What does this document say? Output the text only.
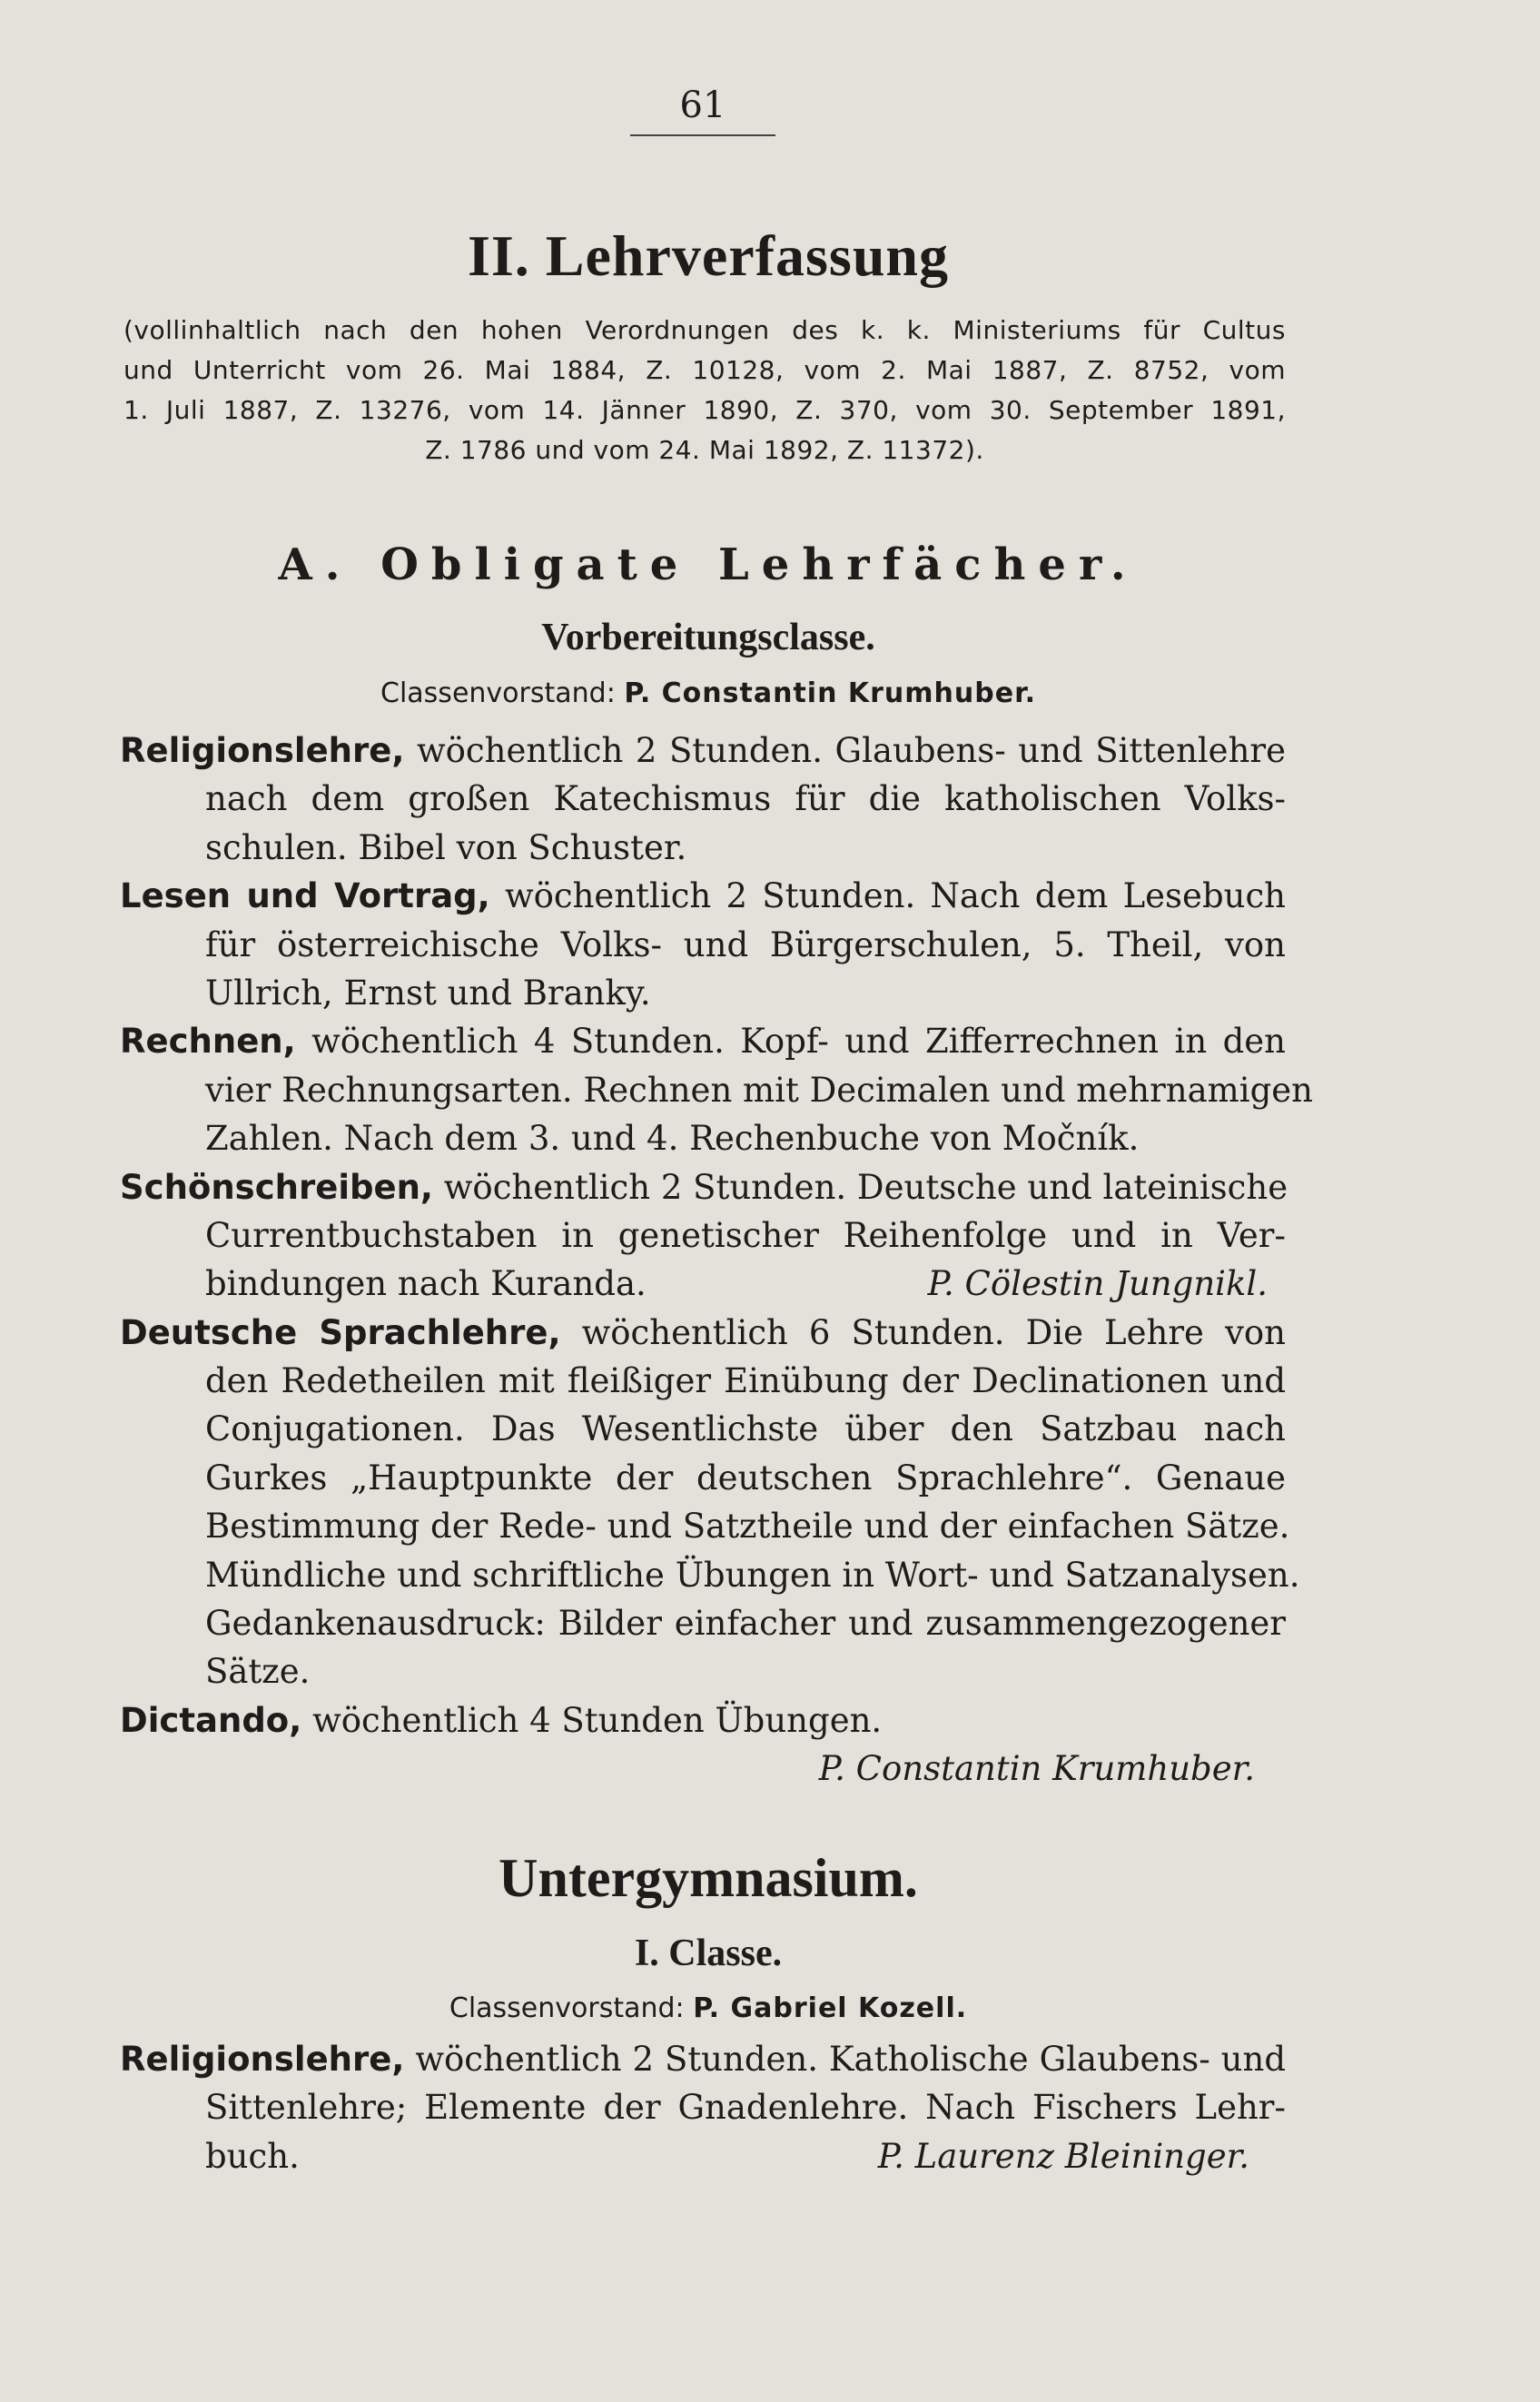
61
II. Lehrverfassung
(vollinhaltlich nach den hohen Verordnungen des k. k. Ministeriums für Cultus
und Unterricht vom 26. Mai 1884, Z. 10128, vom 2. Mai 1887, Z. 8752, vom
1. Juli 1887, Z. 13276, vom 14. Jänner 1890, Z. 370, vom 30. September 1891,
Z. 1786 und vom 24. Mai 1892, Z. 11372).
A. Obligate Lehrfächer.
Vorbereitungsclasse.
Classenvorstand: P. Constantin Krumhuber.
Religionslehre, wöchentlich 2 Stunden. Glaubens- und Sittenlehre
nach dem großen Katechismus für die katholischen Volks-
schulen. Bibel von Schuster.
Lesen und Vortrag, wöchentlich 2 Stunden. Nach dem Lesebuch
für österreichische Volks- und Bürgerschulen, 5. Theil, von
Ullrich, Ernst und Branky.
Rechnen, wöchentlich 4 Stunden. Kopf- und Zifferrechnen in den
vier Rechnungsarten. Rechnen mit Decimalen und mehrnamigen
Zahlen. Nach dem 3. und 4. Rechenbuche von Močník.
Schönschreiben, wöchentlich 2 Stunden. Deutsche und lateinische
Currentbuchstaben in genetischer Reihenfolge und in Ver-
bindungen nach Kuranda.	P. Cölestin Jungnikl.
Deutsche Sprachlehre, wöchentlich 6 Stunden. Die Lehre von
den Redetheilen mit fleißiger Einübung der Declinationen und
Conjugationen. Das Wesentlichste über den Satzbau nach
Gurkes „Hauptpunkte der deutschen Sprachlehre“. Genaue
Bestimmung der Rede- und Satztheile und der einfachen Sätze.
Mündliche und schriftliche Übungen in Wort- und Satzanalysen.
Gedankenausdruck: Bilder einfacher und zusammengezogener
Sätze.
Dictando, wöchentlich 4 Stunden Übungen.
P. Constantin Krumhuber.
Untergymnasium.
I. Classe.
Classenvorstand: P. Gabriel Kozell.
Religionslehre, wöchentlich 2 Stunden. Katholische Glaubens- und
Sittenlehre; Elemente der Gnadenlehre. Nach Fischers Lehr-
buch.	P. Laurenz Bleininger.
